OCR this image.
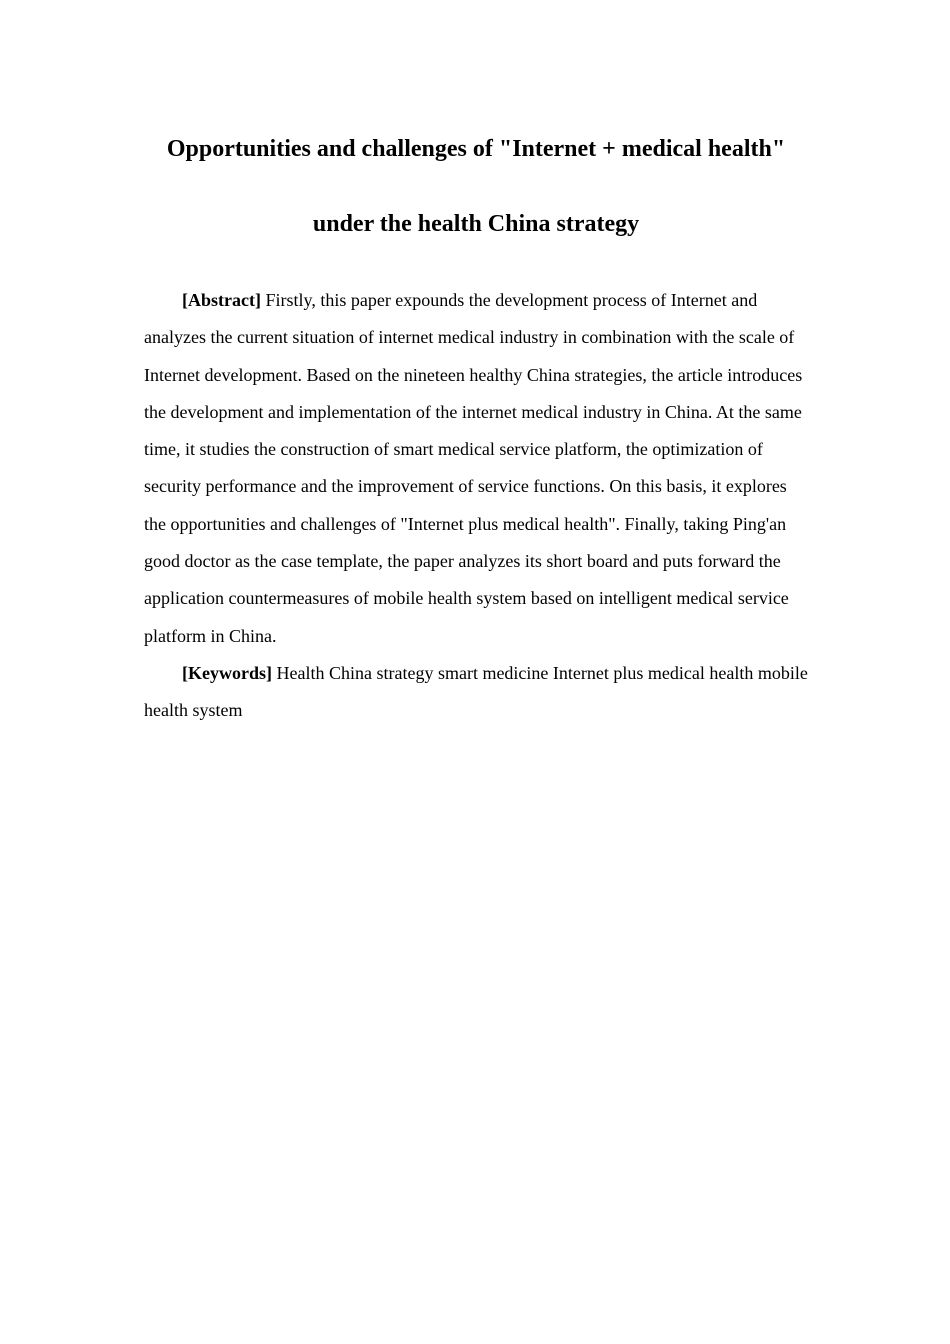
Opportunities and challenges of "Internet + medical health"
under the health China strategy

[Abstract] Firstly, this paper expounds the development process of Internet and analyzes the current situation of internet medical industry in combination with the scale of Internet development. Based on the nineteen healthy China strategies, the article introduces the development and implementation of the internet medical industry in China. At the same time, it studies the construction of smart medical service platform, the optimization of security performance and the improvement of service functions. On this basis, it explores the opportunities and challenges of "Internet plus medical health". Finally, taking Ping'an good doctor as the case template, the paper analyzes its short board and puts forward the application countermeasures of mobile health system based on intelligent medical service platform in China.

[Keywords] Health China strategy smart medicine Internet plus medical health mobile health system
